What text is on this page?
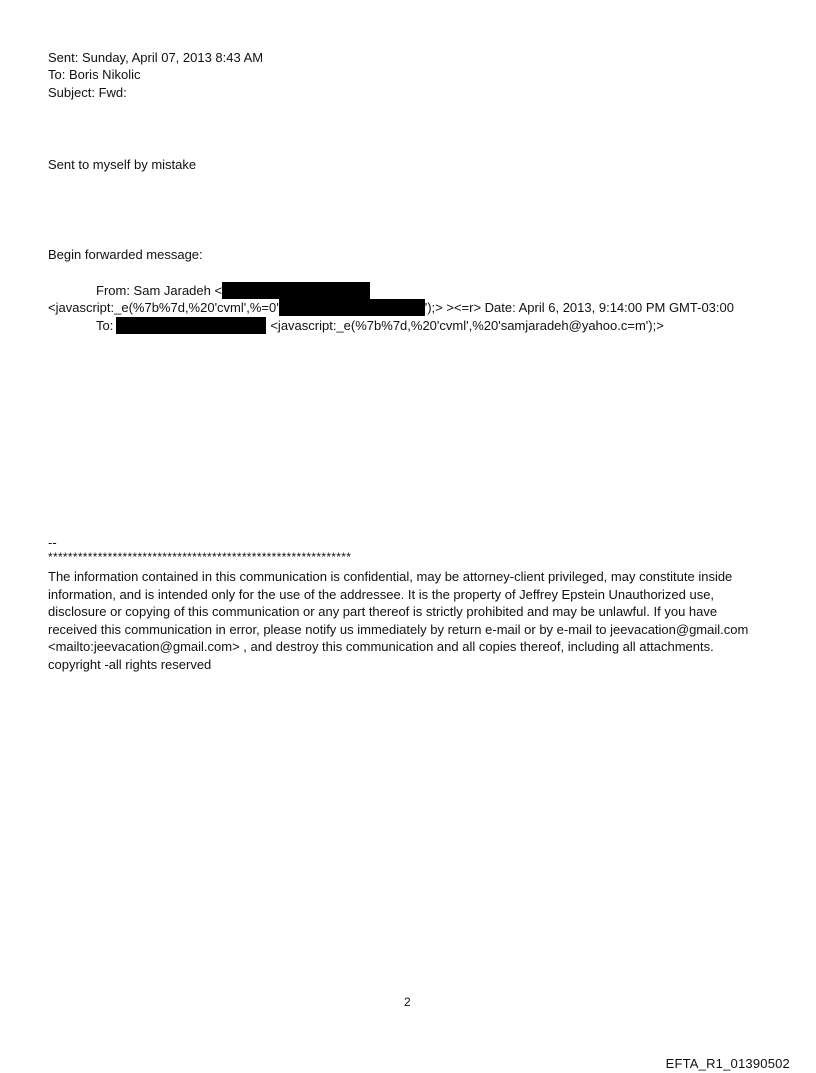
Sent: Sunday, April 07, 2013 8:43 AM
To: Boris Nikolic
Subject: Fwd:
Sent to myself by mistake
Begin forwarded message:
From: Sam Jaradeh <
<javascript:_e(%7b%7d,%20'cvml',%=0'	');> ><=r> Date: April 6, 2013, 9:14:00 PM GMT-03:00
To:	<javascript:_e(%7b%7d,%20'cvml',%20'samjaradeh@yahoo.c=m');>
--
*************************************************************
The information contained in this communication is confidential, may be attorney-client privileged, may constitute inside information, and is intended only for the use of the addressee. It is the property of Jeffrey Epstein Unauthorized use, disclosure or copying of this communication or any part thereof is strictly prohibited and may be unlawful. If you have received this communication in error, please notify us immediately by return e-mail or by e-mail to jeevacation@gmail.com <mailto:jeevacation@gmail.com> , and destroy this communication and all copies thereof, including all attachments. copyright -all rights reserved
2
EFTA_R1_01390502
